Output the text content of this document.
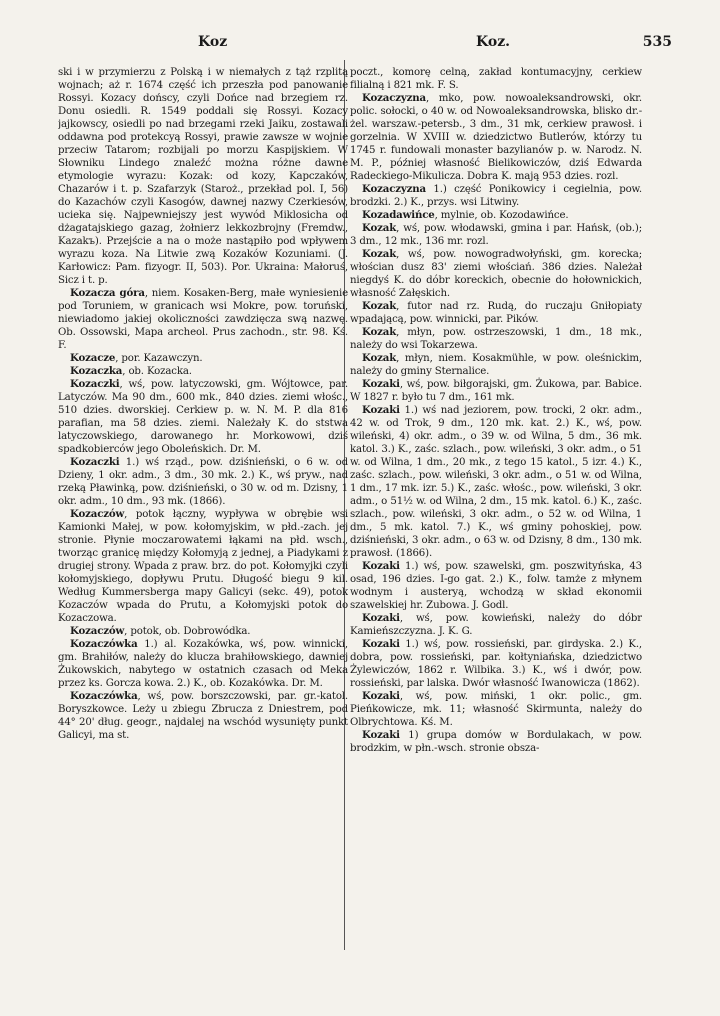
Koz	Koz.	535

ski i w przymierzu z Polską i w niemałych z tąż rzplitą wojnach; aż r. 1674 część ich przeszła pod panowanie Rossyi. Kozacy dońscy, czyli Dońce nad brzegiem rz. Donu osiedli. R. 1549 poddali się Rossyi. Kozacy jajkowscy, osiedli po nad brzegami rzeki Jaiku, zostawali oddawna pod protekcyą Rossyi, prawie zawsze w wojnie przeciw Tatarom; rozbijali po morzu Kaspijskiem. W Słowniku Lindego znaleźć można różne dawne etymologie wyrazu: Kozak: od kozy, Kapczaków, Chazarów i t. p. Szafarzyk (Staroż., przekład pol. I, 56) do Kazachów czyli Kasogów, dawnej nazwy Czerkiesów, ucieka się. Najpewniejszy jest wywód Miklosicha od dżagatajskiego gazag, żołnierz lekkozbrojny (Fremdw., Kazakъ). Przejście a na o może nastąpiło pod wpływem wyrazu koza. Na Litwie zwą Kozaków Kozuniami. (J. Karłowicz: Pam. fizyogr. II, 503). Por. Ukraina: Małoruś, Sicz i t. p.

Kozacza góra, niem. Kosaken-Berg, małe wyniesienie pod Toruniem, w granicach wsi Mokre, pow. toruński, niewiadomo jakiej okoliczności zawdzięcza swą nazwę. Ob. Ossowski, Mapa archeol. Prus zachodn., str. 98. Kś. F.

Kozacze, por. Kazawczyn.

Kozaczka, ob. Kozacka.

Kozaczki, wś, pow. latyczowski, gm. Wójtowce, par. Latyczów. Ma 90 dm., 600 mk., 840 dzies. ziemi włośc., 510 dzies. dworskiej. Cerkiew p. w. N. M. P. dla 816 parafian, ma 58 dzies. ziemi. Należały K. do ststwa latyczowskiego, darowanego hr. Morkowowi, dziś spadkobierców jego Oboleńskich. Dr. M.

Kozaczki 1.) wś rząd., pow. dziśnieński, o 6 w. od Dzieny, 1 okr. adm., 3 dm., 30 mk. 2.) K., wś pryw., nad rzeką Pławinką, pow. dziśnieński, o 30 w. od m. Dzisny, 1 okr. adm., 10 dm., 93 mk. (1866).

Kozaczów, potok łączny, wypływa w obrębie wsi Kamionki Małej, w pow. kołomyjskim, w płd.-zach. jej stronie. Płynie moczarowatemi łąkami na płd. wsch., tworząc granicę między Kołomyją z jednej, a Piadykami z drugiej strony. Wpada z praw. brz. do pot. Kołomyjki czyli kołomyjskiego, dopływu Prutu. Długość biegu 9 kil. Według Kummersberga mapy Galicyi (sekc. 49), potok Kozaczów wpada do Prutu, a Kołomyjski potok do Kozaczowa.

Kozaczów, potok, ob. Dobrowódka.

Kozaczówka 1.) al. Kozakówka, wś, pow. winnicki, gm. Brahiłów, należy do klucza brahiłowskiego, dawniej Żukowskich, nabytego w ostatnich czasach od Meka przez ks. Gorcza kowa. 2.) K., ob. Kozakówka. Dr. M.

Kozaczówka, wś, pow. borszczowski, par. gr.-katol. Boryszkowce. Leży u zbiegu Zbrucza z Dniestrem, pod 44° 20' dług. geogr., najdalej na wschód wysunięty punkt Galicyi, ma st.

poczt., komorę celną, zakład kontumacyjny, cerkiew filialną i 821 mk. F. S.

Kozaczyzna, mko, pow. nowoaleksandrowski, okr. polic. sołocki, o 40 w. od Nowoaleksandrowska, blisko dr.-żel. warszaw.-petersb., 3 dm., 31 mk, cerkiew prawosł. i gorzelnia. W XVIII w. dziedzictwo Butlerów, którzy tu 1745 r. fundowali monaster bazylianów p. w. Narodz. N. M. P., później własność Bielikowiczów, dziś Edwarda Radeckiego-Mikulicza. Dobra K. mają 953 dzies. rozl.

Kozaczyzna 1.) część Ponikowicy i cegielnia, pow. brodzki. 2.) K., przys. wsi Litwiny.

Kozadawińce, mylnie, ob. Kozodawińce.

Kozak, wś, pow. włodawski, gmina i par. Hańsk, (ob.); 3 dm., 12 mk., 136 mr. rozl.

Kozak, wś, pow. nowogradwołyński, gm. korecka; włościan dusz 83' ziemi włościań. 386 dzies. Należał niegdyś K. do dóbr koreckich, obecnie do hołownickich, własność Załęskich.

Kozak, futor nad rz. Rudą, do ruczaju Gniłopiaty wpadającą, pow. winnicki, par. Pików.

Kozak, młyn, pow. ostrzeszowski, 1 dm., 18 mk., należy do wsi Tokarzewa.

Kozak, młyn, niem. Kosakmühle, w pow. oleśnickim, należy do gminy Sternalice.

Kozaki, wś, pow. biłgorajski, gm. Żukowa, par. Babice. W 1827 r. było tu 7 dm., 161 mk.

Kozaki 1.) wś nad jeziorem, pow. trocki, 2 okr. adm., 42 w. od Trok, 9 dm., 120 mk. kat. 2.) K., wś, pow. wileński, 4) okr. adm., o 39 w. od Wilna, 5 dm., 36 mk. katol. 3.) K., zaśc. szlach., pow. wileński, 3 okr. adm., o 51 w. od Wilna, 1 dm., 20 mk., z tego 15 katol., 5 izr. 4.) K., zaśc. szlach., pow. wileński, 3 okr. adm., o 51 w. od Wilna, 1 dm., 17 mk. izr. 5.) K., zaśc. włośc., pow. wileński, 3 okr. adm., o 51½ w. od Wilna, 2 dm., 15 mk. katol. 6.) K., zaśc. szlach., pow. wileński, 3 okr. adm., o 52 w. od Wilna, 1 dm., 5 mk. katol. 7.) K., wś gminy pohoskiej, pow. dziśnieński, 3 okr. adm., o 63 w. od Dzisny, 8 dm., 130 mk. prawosł. (1866).

Kozaki 1.) wś, pow. szawelski, gm. poszwityńska, 43 osad, 196 dzies. I-go gat. 2.) K., folw. tamże z młynem wodnym i austeryą, wchodzą w skład ekonomii szawelskiej hr. Zubowa. J. Godl.

Kozaki, wś, pow. kowieński, należy do dóbr Kamieńszczyzna. J. K. G.

Kozaki 1.) wś, pow. rossieński, par. girdyska. 2.) K., dobra, pow. rossieński, par. kołtyniańska, dziedzictwo Żylewiczów, 1862 r. Wilbika. 3.) K., wś i dwór, pow. rossieński, par lalska. Dwór własność Iwanowicza (1862).

Kozaki, wś, pow. miński, 1 okr. polic., gm. Pieńkowicze, mk. 11; własność Skirmunta, należy do Olbrychtowa. Kś. M.

Kozaki 1) grupa domów w Bordulakach, w pow. brodzkim, w płn.-wsch. stronie obsza-
